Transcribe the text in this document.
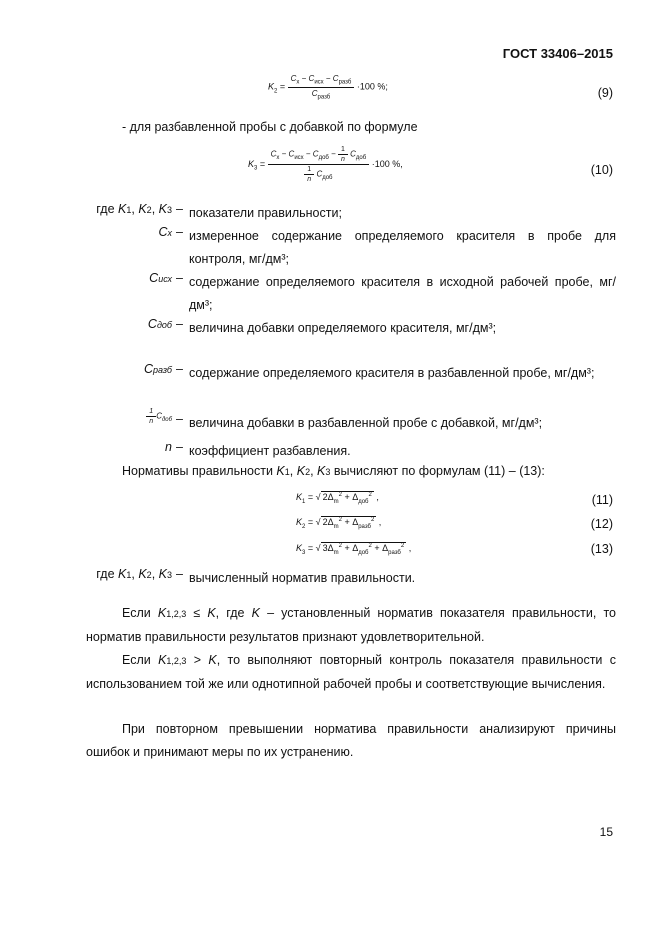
ГОСТ 33406–2015
$K_2 = \frac{C_x - C_{исх} - C_{разб}}{C_{разб}} \cdot 100$ %;	(9)
- для разбавленной пробы с добавкой по формуле
$K_3 = \frac{C_x - C_{исх} - C_{доб} - \frac{1}{n} C_{доб}}{\frac{1}{n} C_{доб}} \cdot 100$ %,	(10)
где K1, K2, K3 – показатели правильности;
Cx – измеренное содержание определяемого красителя в пробе для контроля, мг/дм³;
Cисх – содержание определяемого красителя в исходной рабочей пробе, мг/дм³;
Cдоб – величина добавки определяемого красителя, мг/дм³;
Cразб – содержание определяемого красителя в разбавленной пробе, мг/дм³;
$\frac{1}{n} C_{доб}$ – величина добавки в разбавленной пробе с добавкой, мг/дм³;
n – коэффициент разбавления.
Нормативы правильности K1, K2, K3 вычисляют по формулам (11) – (13):
$K_1$ = √ $2\Delta_m^2 + \Delta_{доб}^2$ ,	(11)
$K_2$ = √ $2\Delta_m^2 + \Delta_{разб}^2$ ,	(12)
$K_3$ = √ $3\Delta_m^2 + \Delta_{доб}^2 + \Delta_{разб}^2$ ,	(13)
где K1, K2, K3 – вычисленный норматив правильности.
Если K1,2,3 ≤ K, где K – установленный норматив показателя правильности, то норматив правильности результатов признают удовлетворительной.
Если K1,2,3 > K, то выполняют повторный контроль показателя правильности с использованием той же или однотипной рабочей пробы и соответствующие вычисления.
При повторном превышении норматива правильности анализируют причины ошибок и принимают меры по их устранению.
15
